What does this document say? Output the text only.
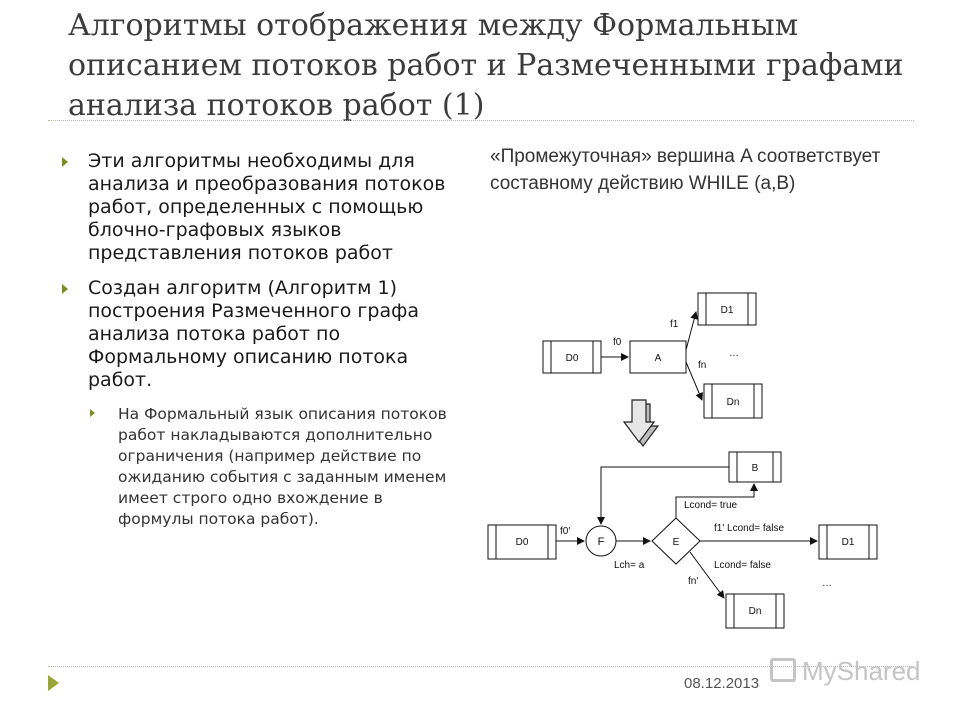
Алгоритмы отображения между Формальным описанием потоков работ и Размеченными графами анализа потоков работ (1)
Эти алгоритмы необходимы для анализа и преобразования потоков работ, определенных с помощью блочно-графовых языков представления потоков работ
Создан алгоритм (Алгоритм 1) построения Размеченного графа анализа потока работ по Формальному описанию потока работ.
На Формальный язык описания потоков работ накладываются дополнительно ограничения (например действие по ожиданию события с заданным именем имеет строго одно вхождение в формулы потока работ).
«Промежуточная» вершина A соответствует составному действию WHILE (a,B)
D0	A
D1
Dn
f0
f1
fn
…
B
D0	F	E	D1
Dn
f0'
Lch= a
Lcond= true
f1' Lcond= false
Lcond= false
fn'	…
08.12.2013	MyShared
